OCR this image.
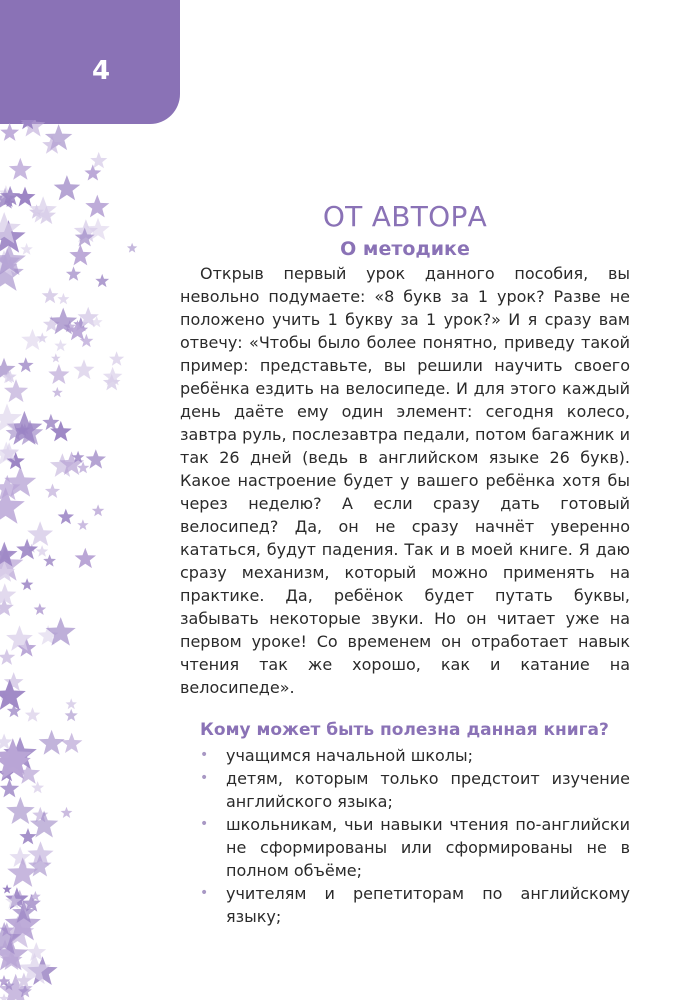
4
ОТ АВТОРА
О методике

Открыв первый урок данного пособия, вы невольно подумаете: «8 букв за 1 урок? Разве не положено учить 1 букву за 1 урок?» И я сразу вам отвечу: «Чтобы было более понятно, приведу такой пример: представьте, вы решили научить своего ребёнка ездить на велосипеде. И для этого каждый день даёте ему один элемент: сегодня колесо, завтра руль, послезавтра педали, потом багажник и так 26 дней (ведь в английском языке 26 букв). Какое настроение будет у вашего ребёнка хотя бы через неделю? А если сразу дать готовый велосипед? Да, он не сразу начнёт уверенно кататься, будут падения. Так и в моей книге. Я даю сразу механизм, который можно применять на практике. Да, ребёнок будет путать буквы, забывать некоторые звуки. Но он читает уже на первом уроке! Со временем он отработает навык чтения так же хорошо, как и катание на велосипеде».

Кому может быть полезна данная книга?
• учащимся начальной школы;
• детям, которым только предстоит изучение английского языка;
• школьникам, чьи навыки чтения по-английски не сформированы или сформированы не в полном объёме;
• учителям и репетиторам по английскому языку;
